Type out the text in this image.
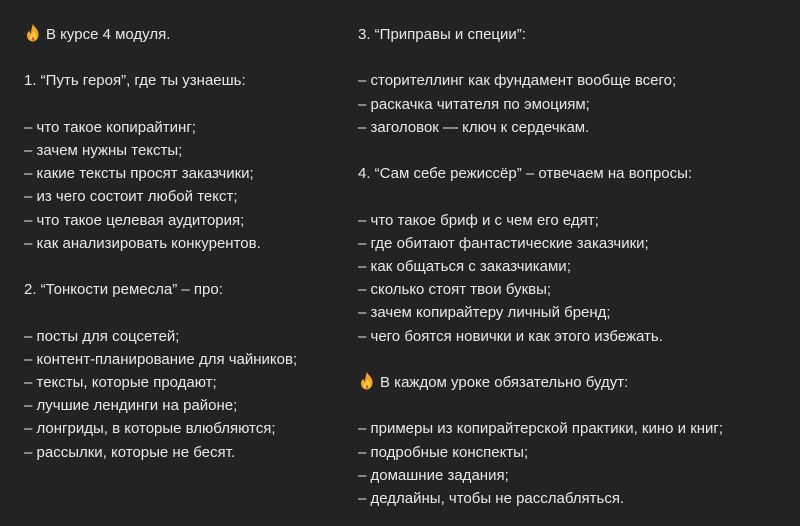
В курсе 4 модуля.
1. “Путь героя”, где ты узнаешь:
– что такое копирайтинг;
– зачем нужны тексты;
– какие тексты просят заказчики;
– из чего состоит любой текст;
– что такое целевая аудитория;
– как анализировать конкурентов.
2. “Тонкости ремесла” – про:
– посты для соцсетей;
– контент-планирование для чайников;
– тексты, которые продают;
– лучшие лендинги на районе;
– лонгриды, в которые влюбляются;
– рассылки, которые не бесят.
3. “Приправы и специи”:
– сторителлинг как фундамент вообще всего;
– раскачка читателя по эмоциям;
– заголовок — ключ к сердечкам.
4. “Сам себе режиссёр” – отвечаем на вопросы:
– что такое бриф и с чем его едят;
– где обитают фантастические заказчики;
– как общаться с заказчиками;
– сколько стоят твои буквы;
– зачем копирайтеру личный бренд;
– чего боятся новички и как этого избежать.
В каждом уроке обязательно будут:
– примеры из копирайтерской практики, кино и книг;
– подробные конспекты;
– домашние задания;
– дедлайны, чтобы не расслабляться.
